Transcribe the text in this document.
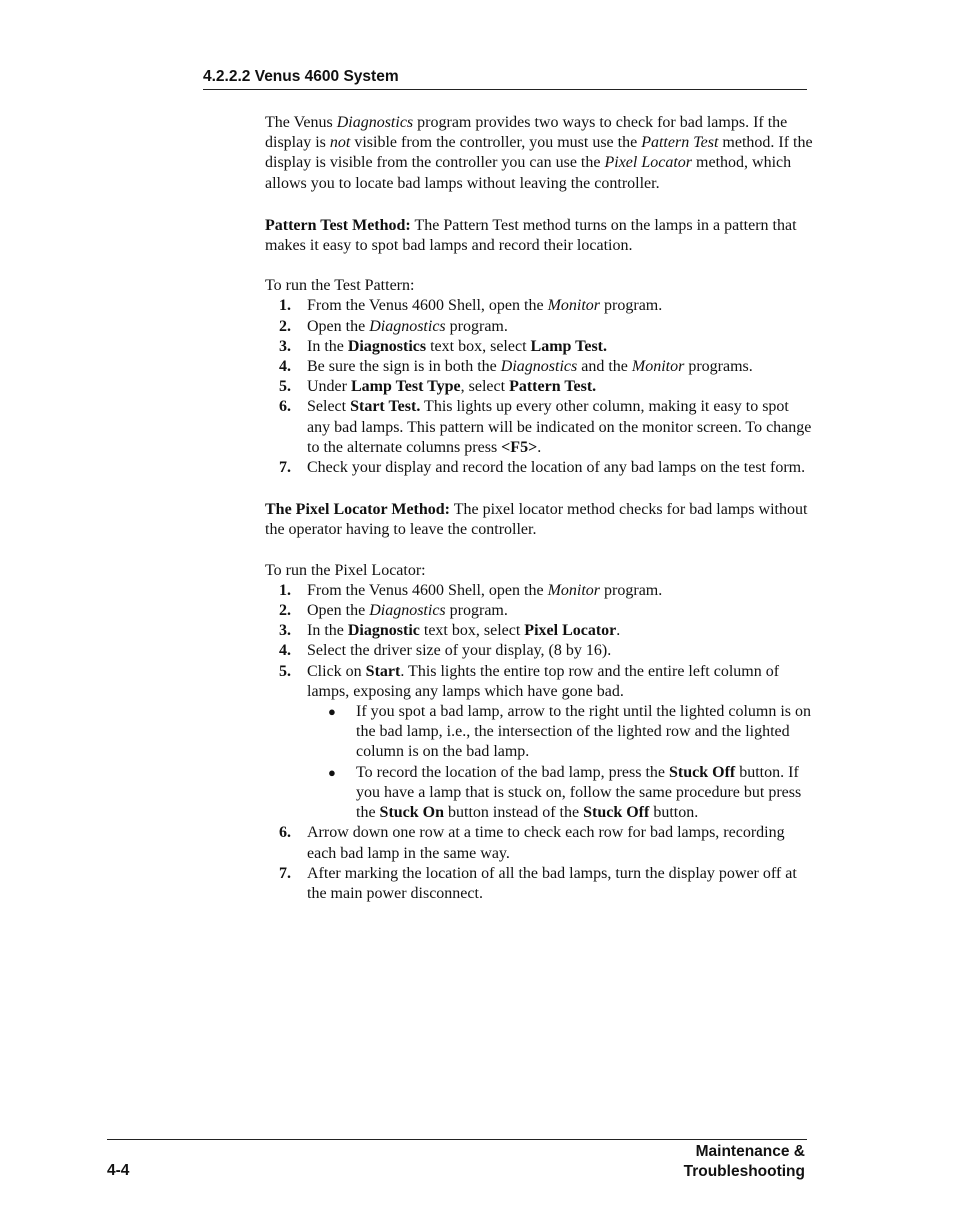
4.2.2.2 Venus 4600 System

The Venus Diagnostics program provides two ways to check for bad lamps. If the display is not visible from the controller, you must use the Pattern Test method. If the display is visible from the controller you can use the Pixel Locator method, which allows you to locate bad lamps without leaving the controller.

Pattern Test Method: The Pattern Test method turns on the lamps in a pattern that makes it easy to spot bad lamps and record their location.

To run the Test Pattern:

1. From the Venus 4600 Shell, open the Monitor program.
2. Open the Diagnostics program.
3. In the Diagnostics text box, select Lamp Test.
4. Be sure the sign is in both the Diagnostics and the Monitor programs.
5. Under Lamp Test Type, select Pattern Test.
6. Select Start Test. This lights up every other column, making it easy to spot any bad lamps. This pattern will be indicated on the monitor screen. To change to the alternate columns press <F5>.
7. Check your display and record the location of any bad lamps on the test form.

The Pixel Locator Method: The pixel locator method checks for bad lamps without the operator having to leave the controller.

To run the Pixel Locator:

1. From the Venus 4600 Shell, open the Monitor program.
2. Open the Diagnostics program.
3. In the Diagnostic text box, select Pixel Locator.
4. Select the driver size of your display, (8 by 16).
5. Click on Start. This lights the entire top row and the entire left column of lamps, exposing any lamps which have gone bad.
● If you spot a bad lamp, arrow to the right until the lighted column is on the bad lamp, i.e., the intersection of the lighted row and the lighted column is on the bad lamp.
● To record the location of the bad lamp, press the Stuck Off button. If you have a lamp that is stuck on, follow the same procedure but press the Stuck On button instead of the Stuck Off button.
6. Arrow down one row at a time to check each row for bad lamps, recording each bad lamp in the same way.
7. After marking the location of all the bad lamps, turn the display power off at the main power disconnect.
4-4
Maintenance &
Troubleshooting
